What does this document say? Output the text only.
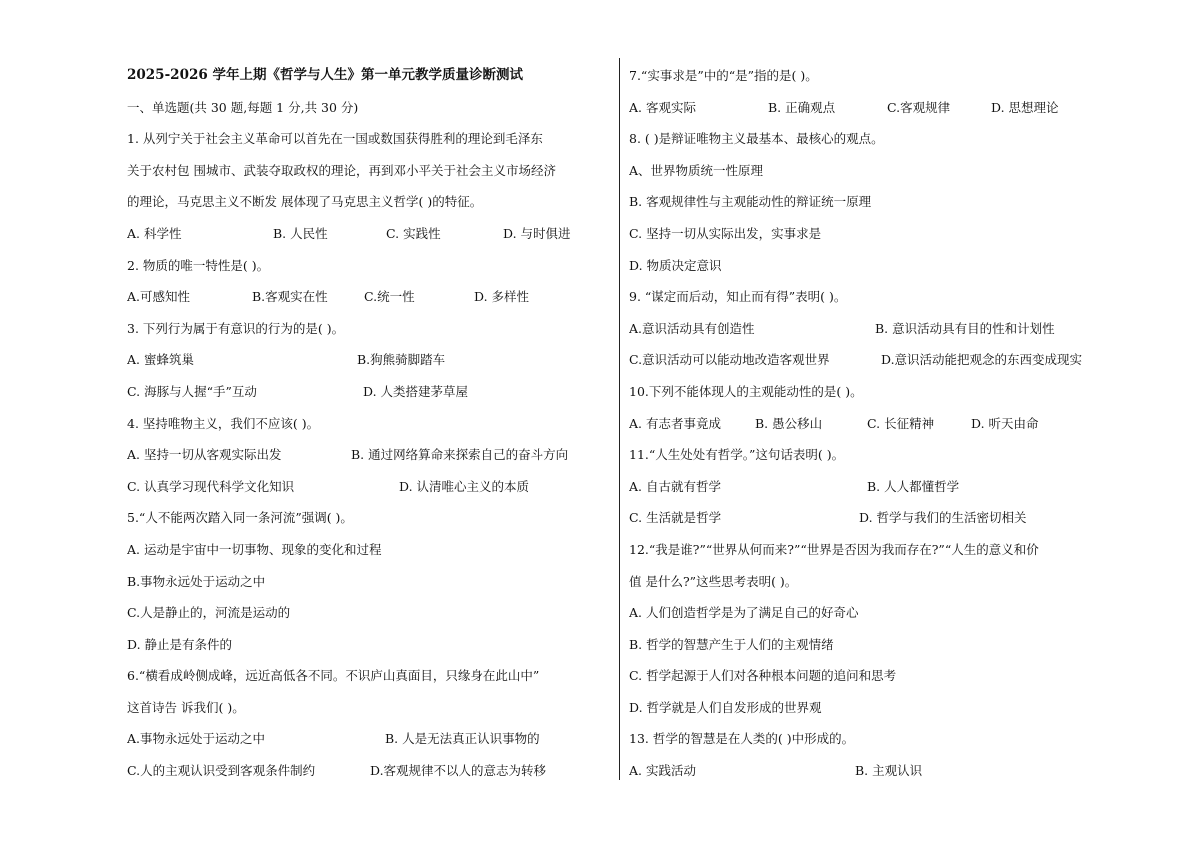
2025-2026 学年上期《哲学与人生》第一单元教学质量诊断测试
一、单选题(共 30 题,每题 1 分,共 30 分)
1. 从列宁关于社会主义革命可以首先在一国或数国获得胜利的理论到毛泽东
关于农村包 围城市、武装夺取政权的理论，再到邓小平关于社会主义市场经济
的理论，马克思主义不断发 展体现了马克思主义哲学( )的特征。
A. 科学性	B. 人民性	C. 实践性	D. 与时俱进
2. 物质的唯一特性是( )。
A.可感知性	B.客观实在性	C.统一性	D. 多样性
3. 下列行为属于有意识的行为的是( )。
A. 蜜蜂筑巢	B.狗熊骑脚踏车
C. 海豚与人握“手”互动	D. 人类搭建茅草屋
4. 坚持唯物主义，我们不应该( )。
A. 坚持一切从客观实际出发	B. 通过网络算命来探索自己的奋斗方向
C. 认真学习现代科学文化知识	D. 认清唯心主义的本质
5.“人不能两次踏入同一条河流”强调( )。
A. 运动是宇宙中一切事物、现象的变化和过程
B.事物永远处于运动之中
C.人是静止的，河流是运动的
D. 静止是有条件的
6.“横看成岭侧成峰，远近高低各不同。不识庐山真面目，只缘身在此山中”
这首诗告 诉我们( )。
A.事物永远处于运动之中	B. 人是无法真正认识事物的
C.人的主观认识受到客观条件制约	D.客观规律不以人的意志为转移
7.“实事求是”中的“是”指的是( )。
A. 客观实际	B. 正确观点	C.客观规律	D. 思想理论
8. ( )是辩证唯物主义最基本、最核心的观点。
A、世界物质统一性原理
B. 客观规律性与主观能动性的辩证统一原理
C. 坚持一切从实际出发，实事求是
D. 物质决定意识
9. “谋定而后动，知止而有得”表明( )。
A.意识活动具有创造性	B. 意识活动具有目的性和计划性
C.意识活动可以能动地改造客观世界	D.意识活动能把观念的东西变成现实
10.下列不能体现人的主观能动性的是( )。
A. 有志者事竟成	B. 愚公移山	C. 长征精神	D. 听天由命
11.“人生处处有哲学。”这句话表明( )。
A. 自古就有哲学	B. 人人都懂哲学
C. 生活就是哲学	D. 哲学与我们的生活密切相关
12.“我是谁?”“世界从何而来?”“世界是否因为我而存在?”“人生的意义和价
值 是什么?”这些思考表明( )。
A. 人们创造哲学是为了满足自己的好奇心
B. 哲学的智慧产生于人们的主观情绪
C. 哲学起源于人们对各种根本问题的追问和思考
D. 哲学就是人们自发形成的世界观
13. 哲学的智慧是在人类的( )中形成的。
A. 实践活动	B. 主观认识
